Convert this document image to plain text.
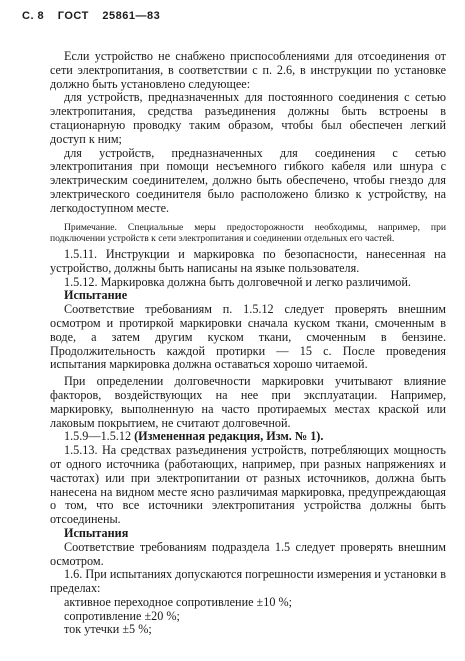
С. 8 ГОСТ 25861—83

Если устройство не снабжено приспособлениями для отсоединения от сети электропитания, в соответствии с п. 2.6, в инструкции по установке должно быть установлено следующее:

для устройств, предназначенных для постоянного соединения с сетью электропитания, средства разъединения должны быть встроены в стационарную проводку таким образом, чтобы был обеспечен легкий доступ к ним;

для устройств, предназначенных для соединения с сетью электропитания при помощи несъемного гибкого кабеля или шнура с электрическим соединителем, должно быть обеспечено, чтобы гнездо для электрического соединителя было расположено близко к устройству, на легкодоступном месте.

Примечание. Специальные меры предосторожности необходимы, например, при подключении устройств к сети электропитания и соединении отдельных его частей.

1.5.11. Инструкции и маркировка по безопасности, нанесенная на устройство, должны быть написаны на языке пользователя.

1.5.12. Маркировка должна быть долговечной и легко различимой.

Испытание

Соответствие требованиям п. 1.5.12 следует проверять внешним осмотром и протиркой маркировки сначала куском ткани, смоченным в воде, а затем другим куском ткани, смоченным в бензине. Продолжительность каждой протирки — 15 с. После проведения испытания маркировка должна оставаться хорошо читаемой.

При определении долговечности маркировки учитывают влияние факторов, воздействующих на нее при эксплуатации. Например, маркировку, выполненную на часто протираемых местах краской или лаковым покрытием, не считают долговечной.

1.5.9—1.5.12 (Измененная редакция, Изм. № 1).

1.5.13. На средствах разъединения устройств, потребляющих мощность от одного источника (работающих, например, при разных напряжениях и частотах) или при электропитании от разных источников, должна быть нанесена на видном месте ясно различимая маркировка, предупреждающая о том, что все источники электропитания устройства должны быть отсоединены.

Испытания

Соответствие требованиям подраздела 1.5 следует проверять внешним осмотром.

1.6. При испытаниях допускаются погрешности измерения и установки в пределах:

активное переходное сопротивление ±10 %;

сопротивление ±20 %;

ток утечки ±5 %;
